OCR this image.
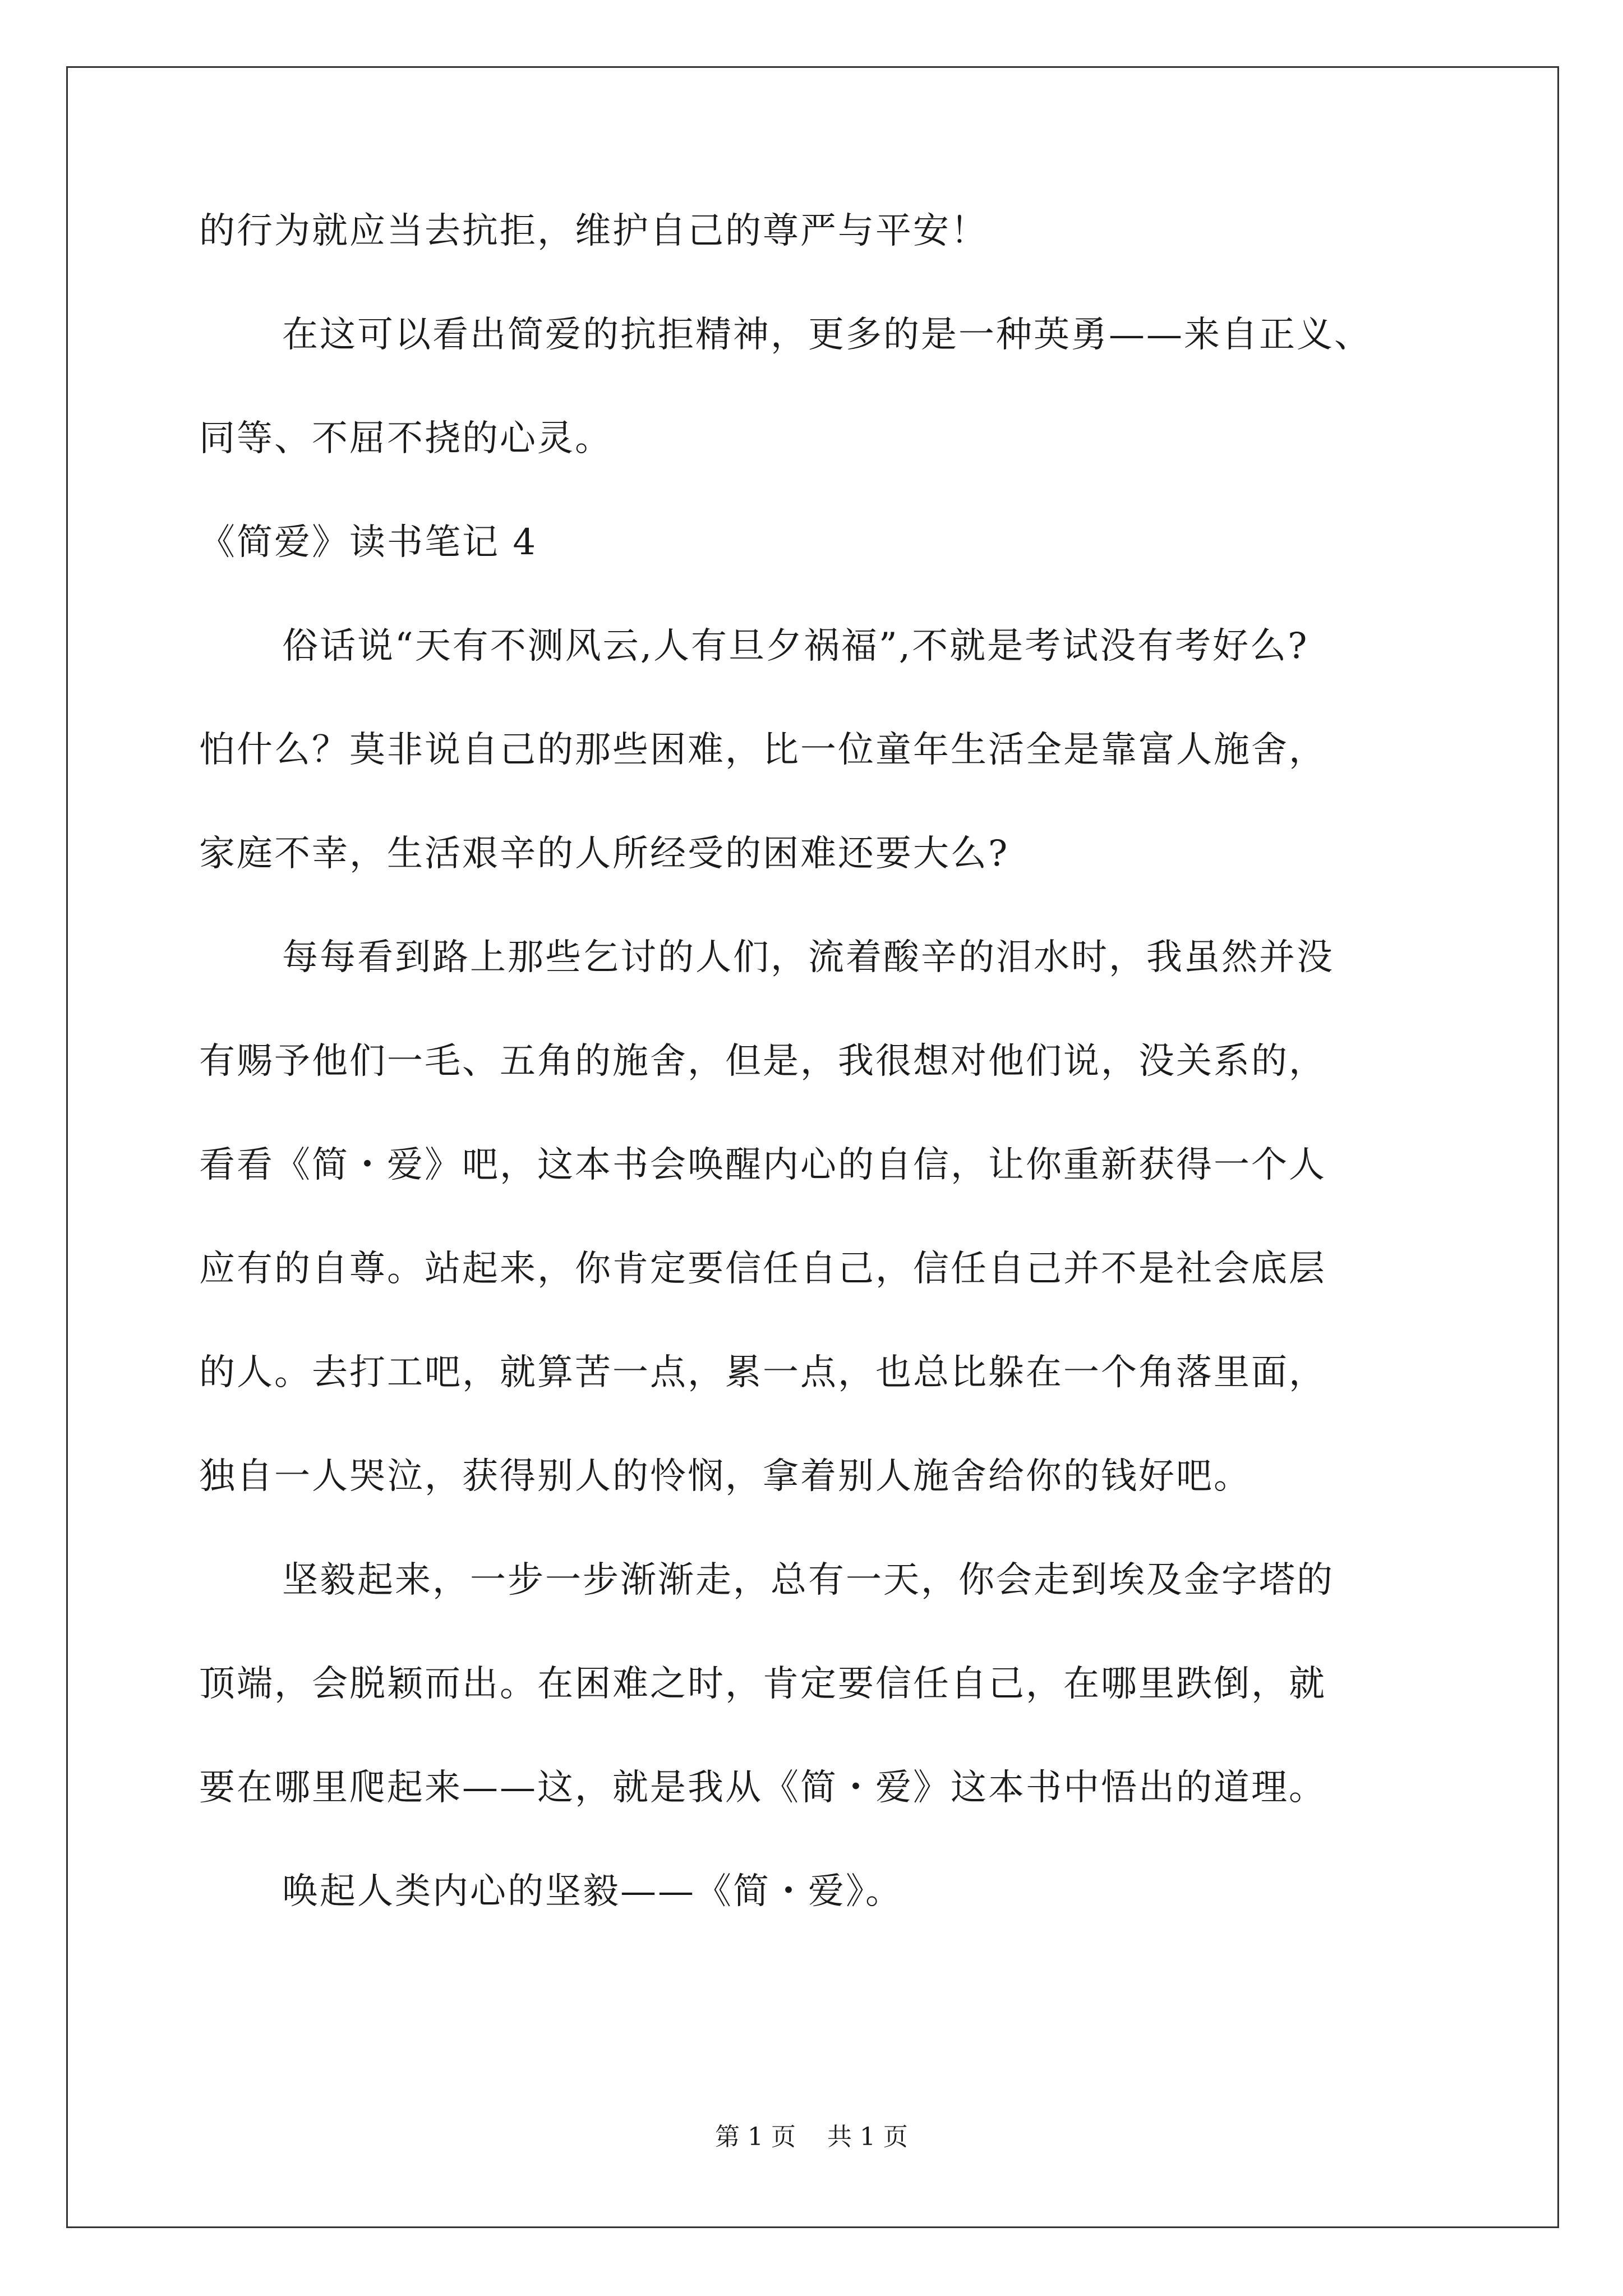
的行为就应当去抗拒，维护自己的尊严与平安！
在这可以看出简爱的抗拒精神，更多的是一种英勇——来自正义、
同等、不屈不挠的心灵。
《简爱》读书笔记 4
俗话说“天有不测风云,人有旦夕祸福”,不就是考试没有考好么?
怕什么？莫非说自己的那些困难，比一位童年生活全是靠富人施舍，
家庭不幸，生活艰辛的人所经受的困难还要大么?
每每看到路上那些乞讨的人们，流着酸辛的泪水时，我虽然并没
有赐予他们一毛、五角的施舍，但是，我很想对他们说，没关系的，
看看《简・爱》吧，这本书会唤醒内心的自信，让你重新获得一个人
应有的自尊。站起来，你肯定要信任自己，信任自己并不是社会底层
的人。去打工吧，就算苦一点，累一点，也总比躲在一个角落里面，
独自一人哭泣，获得别人的怜悯，拿着别人施舍给你的钱好吧。
坚毅起来，一步一步渐渐走，总有一天，你会走到埃及金字塔的
顶端，会脱颖而出。在困难之时，肯定要信任自己，在哪里跌倒，就
要在哪里爬起来——这，就是我从《简・爱》这本书中悟出的道理。
唤起人类内心的坚毅——《简・爱》。
第 1 页    共 1 页
